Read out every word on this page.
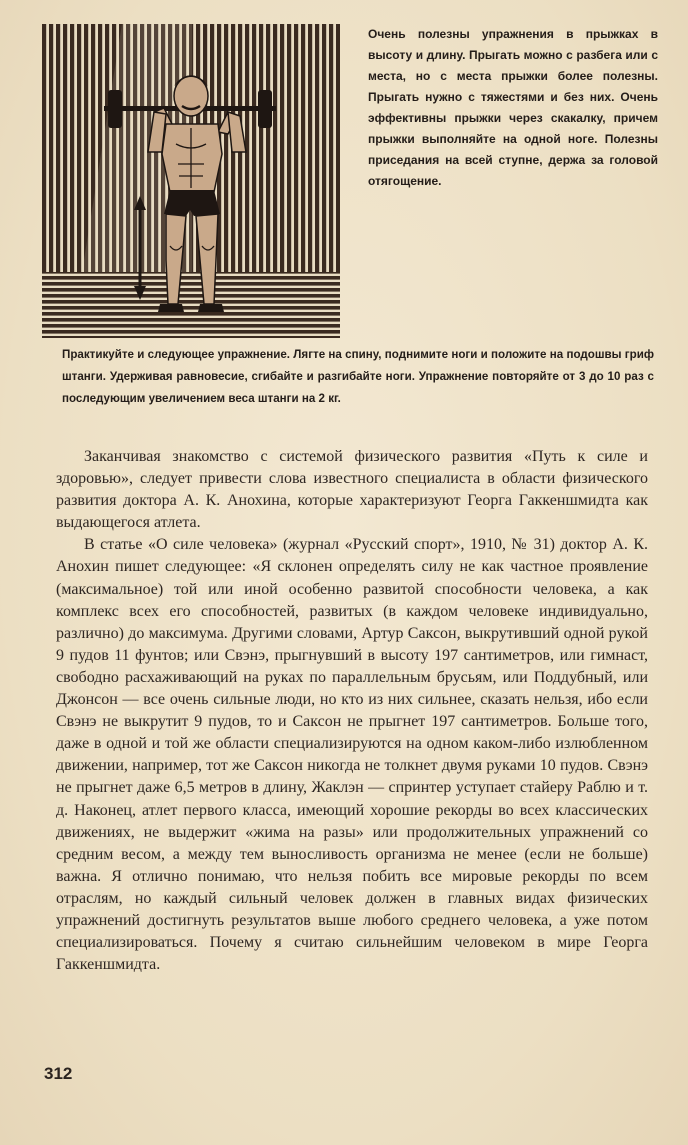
Очень полезны упражнения в прыжках в высоту и длину. Прыгать можно с разбега или с места, но с места прыжки более полезны. Прыгать нужно с тяжестями и без них. Очень эффективны прыжки через скакалку, причем прыжки выполняйте на одной ноге. Полезны приседания на всей ступне, держа за головой отягощение.
Практикуйте и следующее упражнение. Лягте на спину, поднимите ноги и положите на подошвы гриф штанги. Удерживая равновесие, сгибайте и разгибайте ноги. Упражнение повторяйте от 3 до 10 раз с последующим увеличением веса штанги на 2 кг.

Заканчивая знакомство с системой физического развития «Путь к силе и здоровью», следует привести слова известного специалиста в области физического развития доктора А. К. Анохина, которые характеризуют Георга Гаккеншмидта как выдающегося атлета.

В статье «О силе человека» (журнал «Русский спорт», 1910, № 31) доктор А. К. Анохин пишет следующее: «Я склонен определять силу не как частное проявление (максимальное) той или иной особенно развитой способности человека, а как комплекс всех его способностей, развитых (в каждом человеке индивидуально, различно) до максимума. Другими словами, Артур Саксон, выкрутивший одной рукой 9 пудов 11 фунтов; или Свэнэ, прыгнувший в высоту 197 сантиметров, или гимнаст, свободно расхаживающий на руках по параллельным брусьям, или Поддубный, или Джонсон — все очень сильные люди, но кто из них сильнее, сказать нельзя, ибо если Свэнэ не выкрутит 9 пудов, то и Саксон не прыгнет 197 сантиметров. Больше того, даже в одной и той же области специализируются на одном каком-либо излюбленном движении, например, тот же Саксон никогда не толкнет двумя руками 10 пудов. Свэнэ не прыгнет даже 6,5 метров в длину, Жаклэн — спринтер уступает стайеру Раблю и т. д. Наконец, атлет первого класса, имеющий хорошие рекорды во всех классических движениях, не выдержит «жима на разы» или продолжительных упражнений со средним весом, а между тем выносливость организма не менее (если не больше) важна. Я отлично понимаю, что нельзя побить все мировые рекорды по всем отраслям, но каждый сильный человек должен в главных видах физических упражнений достигнуть результатов выше любого среднего человека, а уже потом специализироваться. Почему я считаю сильнейшим человеком в мире Георга Гаккеншмидта.

312
